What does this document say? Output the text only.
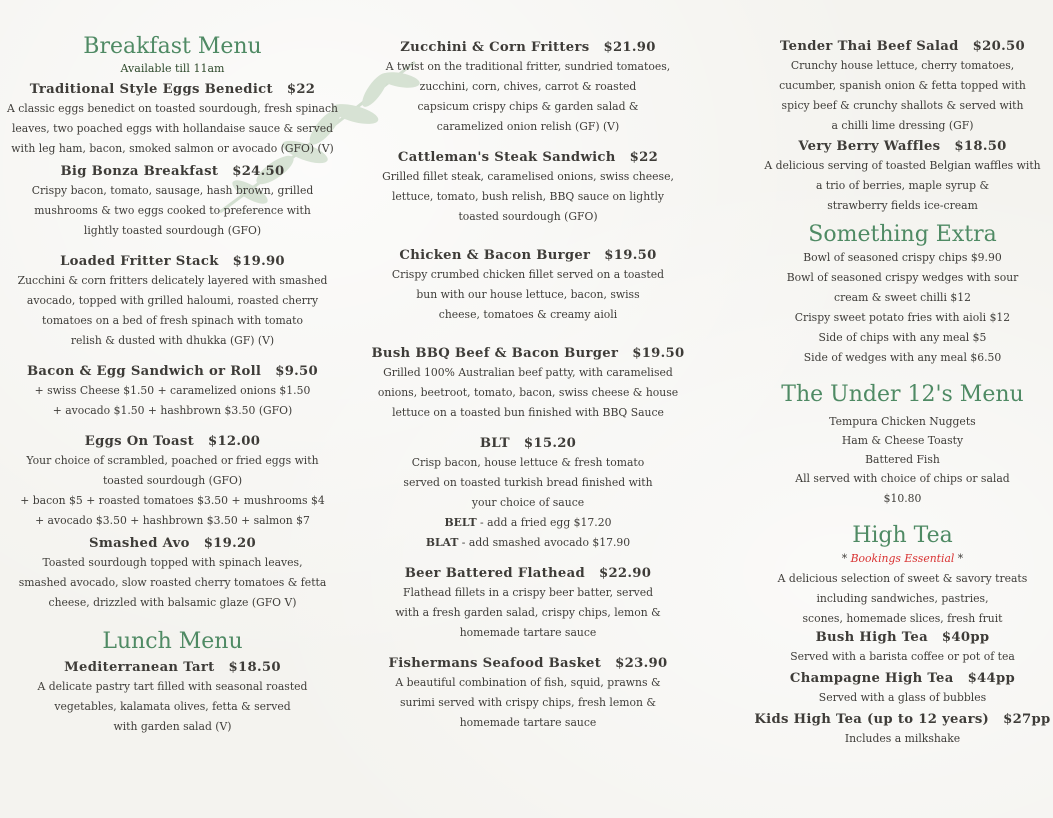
Breakfast Menu
Available till 11am
Traditional Style Eggs Benedict $22

A classic eggs benedict on toasted sourdough, fresh spinach

leaves, two poached eggs with hollandaise sauce & served

with leg ham, bacon, smoked salmon or avocado (GFO) (V)

Big Bonza Breakfast $24.50

Crispy bacon, tomato, sausage, hash brown, grilled

mushrooms & two eggs cooked to preference with

lightly toasted sourdough (GFO)

Loaded Fritter Stack $19.90

Zucchini & corn fritters delicately layered with smashed

avocado, topped with grilled haloumi, roasted cherry

tomatoes on a bed of fresh spinach with tomato

relish & dusted with dhukka (GF) (V)

Bacon & Egg Sandwich or Roll $9.50

+ swiss Cheese $1.50 + caramelized onions $1.50

+ avocado $1.50 + hashbrown $3.50 (GFO)

Eggs On Toast $12.00

Your choice of scrambled, poached or fried eggs with

toasted sourdough (GFO)

+ bacon $5 + roasted tomatoes $3.50 + mushrooms $4

+ avocado $3.50 + hashbrown $3.50 + salmon $7

Smashed Avo $19.20

Toasted sourdough topped with spinach leaves,

smashed avocado, slow roasted cherry tomatoes & fetta

cheese, drizzled with balsamic glaze (GFO V)

Lunch Menu
Mediterranean Tart $18.50

A delicate pastry tart filled with seasonal roasted

vegetables, kalamata olives, fetta & served

with garden salad (V)

Zucchini & Corn Fritters $21.90

A twist on the traditional fritter, sundried tomatoes,

zucchini, corn, chives, carrot & roasted

capsicum crispy chips & garden salad &

caramelized onion relish (GF) (V)

Cattleman's Steak Sandwich $22

Grilled fillet steak, caramelised onions, swiss cheese,

lettuce, tomato, bush relish, BBQ sauce on lightly

toasted sourdough (GFO)

Chicken & Bacon Burger $19.50

Crispy crumbed chicken fillet served on a toasted

bun with our house lettuce, bacon, swiss

cheese, tomatoes & creamy aioli

Bush BBQ Beef & Bacon Burger $19.50

Grilled 100% Australian beef patty, with caramelised

onions, beetroot, tomato, bacon, swiss cheese & house

lettuce on a toasted bun finished with BBQ Sauce

BLT $15.20

Crisp bacon, house lettuce & fresh tomato

served on toasted turkish bread finished with

your choice of sauce

BELT - add a fried egg $17.20

BLAT - add smashed avocado $17.90

Beer Battered Flathead $22.90

Flathead fillets in a crispy beer batter, served

with a fresh garden salad, crispy chips, lemon &

homemade tartare sauce

Fishermans Seafood Basket $23.90

A beautiful combination of fish, squid, prawns &

surimi served with crispy chips, fresh lemon &

homemade tartare sauce

Tender Thai Beef Salad $20.50

Crunchy house lettuce, cherry tomatoes,

cucumber, spanish onion & fetta topped with

spicy beef & crunchy shallots & served with

a chilli lime dressing (GF)

Very Berry Waffles $18.50

A delicious serving of toasted Belgian waffles with

a trio of berries, maple syrup &

strawberry fields ice-cream

Something Extra

Bowl of seasoned crispy chips $9.90

Bowl of seasoned crispy wedges with sour

cream & sweet chilli $12

Crispy sweet potato fries with aioli $12

Side of chips with any meal $5

Side of wedges with any meal $6.50

The Under 12's Menu

Tempura Chicken Nuggets

Ham & Cheese Toasty

Battered Fish

All served with choice of chips or salad

$10.80

High Tea

* Bookings Essential *

A delicious selection of sweet & savory treats

including sandwiches, pastries,

scones, homemade slices, fresh fruit

Bush High Tea $40pp

Served with a barista coffee or pot of tea

Champagne High Tea $44pp

Served with a glass of bubbles

Kids High Tea (up to 12 years) $27pp

Includes a milkshake
